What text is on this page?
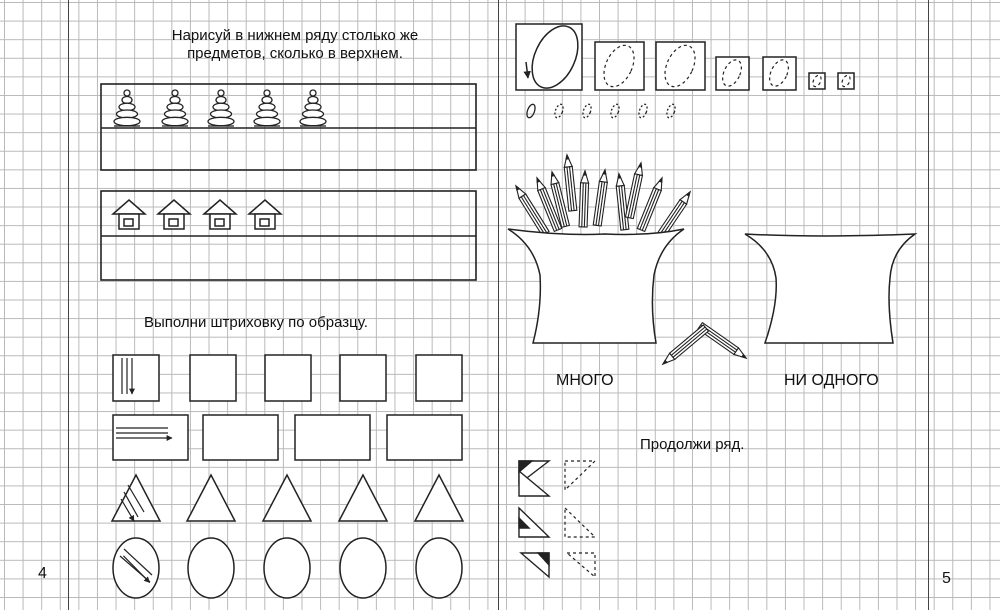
Нарисуй в нижнем ряду столько же
предметов, сколько в верхнем.
Выполни штриховку по образцу.
МНОГО	НИ ОДНОГО
Продолжи ряд.
4	5
